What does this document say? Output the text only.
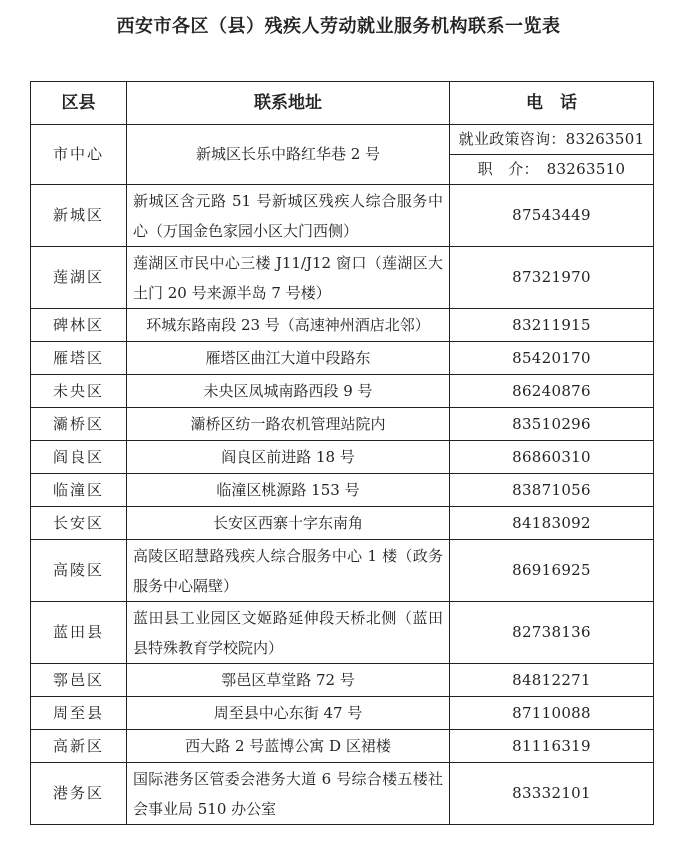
西安市各区（县）残疾人劳动就业服务机构联系一览表
区县	联系地址	电　话
市中心	新城区长乐中路红华巷 2 号	就业政策咨询：83263501
		职　介：　83263510
新城区	新城区含元路 51 号新城区残疾人综合服务中心（万国金色家园小区大门西侧）	87543449
莲湖区	莲湖区市民中心三楼 J11/J12 窗口（莲湖区大土门 20 号来源半岛 7 号楼）	87321970
碑林区	环城东路南段 23 号（高速神州酒店北邻）	83211915
雁塔区	雁塔区曲江大道中段路东	85420170
未央区	未央区凤城南路西段 9 号	86240876
灞桥区	灞桥区纺一路农机管理站院内	83510296
阎良区	阎良区前进路 18 号	86860310
临潼区	临潼区桃源路 153 号	83871056
长安区	长安区西寨十字东南角	84183092
高陵区	高陵区昭慧路残疾人综合服务中心 1 楼（政务服务中心隔壁）	86916925
蓝田县	蓝田县工业园区文姬路延伸段天桥北侧（蓝田县特殊教育学校院内）	82738136
鄠邑区	鄠邑区草堂路 72 号	84812271
周至县	周至县中心东街 47 号	87110088
高新区	西大路 2 号蓝博公寓 D 区裙楼	81116319
港务区	国际港务区管委会港务大道 6 号综合楼五楼社会事业局 510 办公室	83332101
